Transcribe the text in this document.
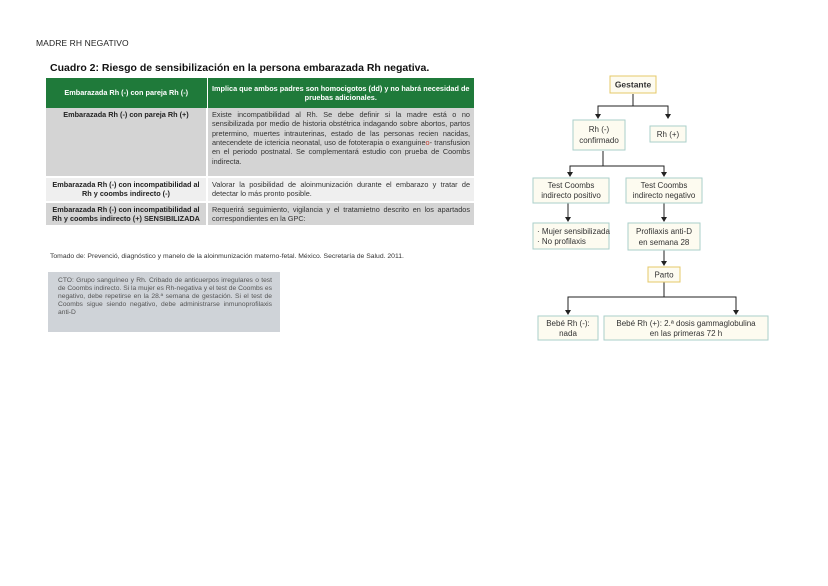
MADRE RH NEGATIVO
Cuadro 2: Riesgo de sensibilización en la persona embarazada Rh negativa.
Embarazada Rh (-) con pareja Rh (-)	Implica que ambos padres son homocigotos (dd) y no habrá necesidad de pruebas adicionales.
Embarazada Rh (-) con pareja Rh (+)	Existe incompatibilidad al Rh. Se debe definir si la madre está o no sensibilizada por medio de historia obstétrica indagando sobre abortos, partos pretermino, muertes intrauterinas, estado de las personas recien nacidas, antecendete de ictericia neonatal, uso de fototerapia o exanguineo- transfusion en el periodo postnatal. Se complementará estudio con prueba de Coombs indirecta.
Embarazada Rh (-) con incompatibilidad al Rh y coombs indirecto (-)	Valorar la posibilidad de aloinmunización durante el embarazo y tratar de detectar lo más pronto posible.
Embarazada Rh (-) con incompatibilidad al Rh y coombs indirecto (+) SENSIBILIZADA	Requerirá seguimiento, vigilancia y el tratamietno descrito en los apartados correspondientes en la GPC:
Tomado de: Prevenció, diagnóstico y manelo de la aloinmunización materno-fetal. México. Secretaría de Salud. 2011.
CTO: Grupo sanguíneo y Rh. Cribado de anticuerpos irregulares o test de Coombs indirecto. Si la mujer es Rh-negativa y el test de Coombs es negativo, debe repetirse en la 28.ª semana de gestación. Si el test de Coombs sigue siendo negativo, debe administrarse inmunoprofilaxis anti-D
Gestante
Rh (-)
confirmado
Rh (+)
Test Coombs
indirecto positivo
Test Coombs
indirecto negativo
· Mujer sensibilizada
· No profilaxis
Profilaxis anti-D
en semana 28
Parto
Bebé Rh (-):
nada
Bebé Rh (+): 2.ª dosis gammaglobulina
en las primeras 72 h
